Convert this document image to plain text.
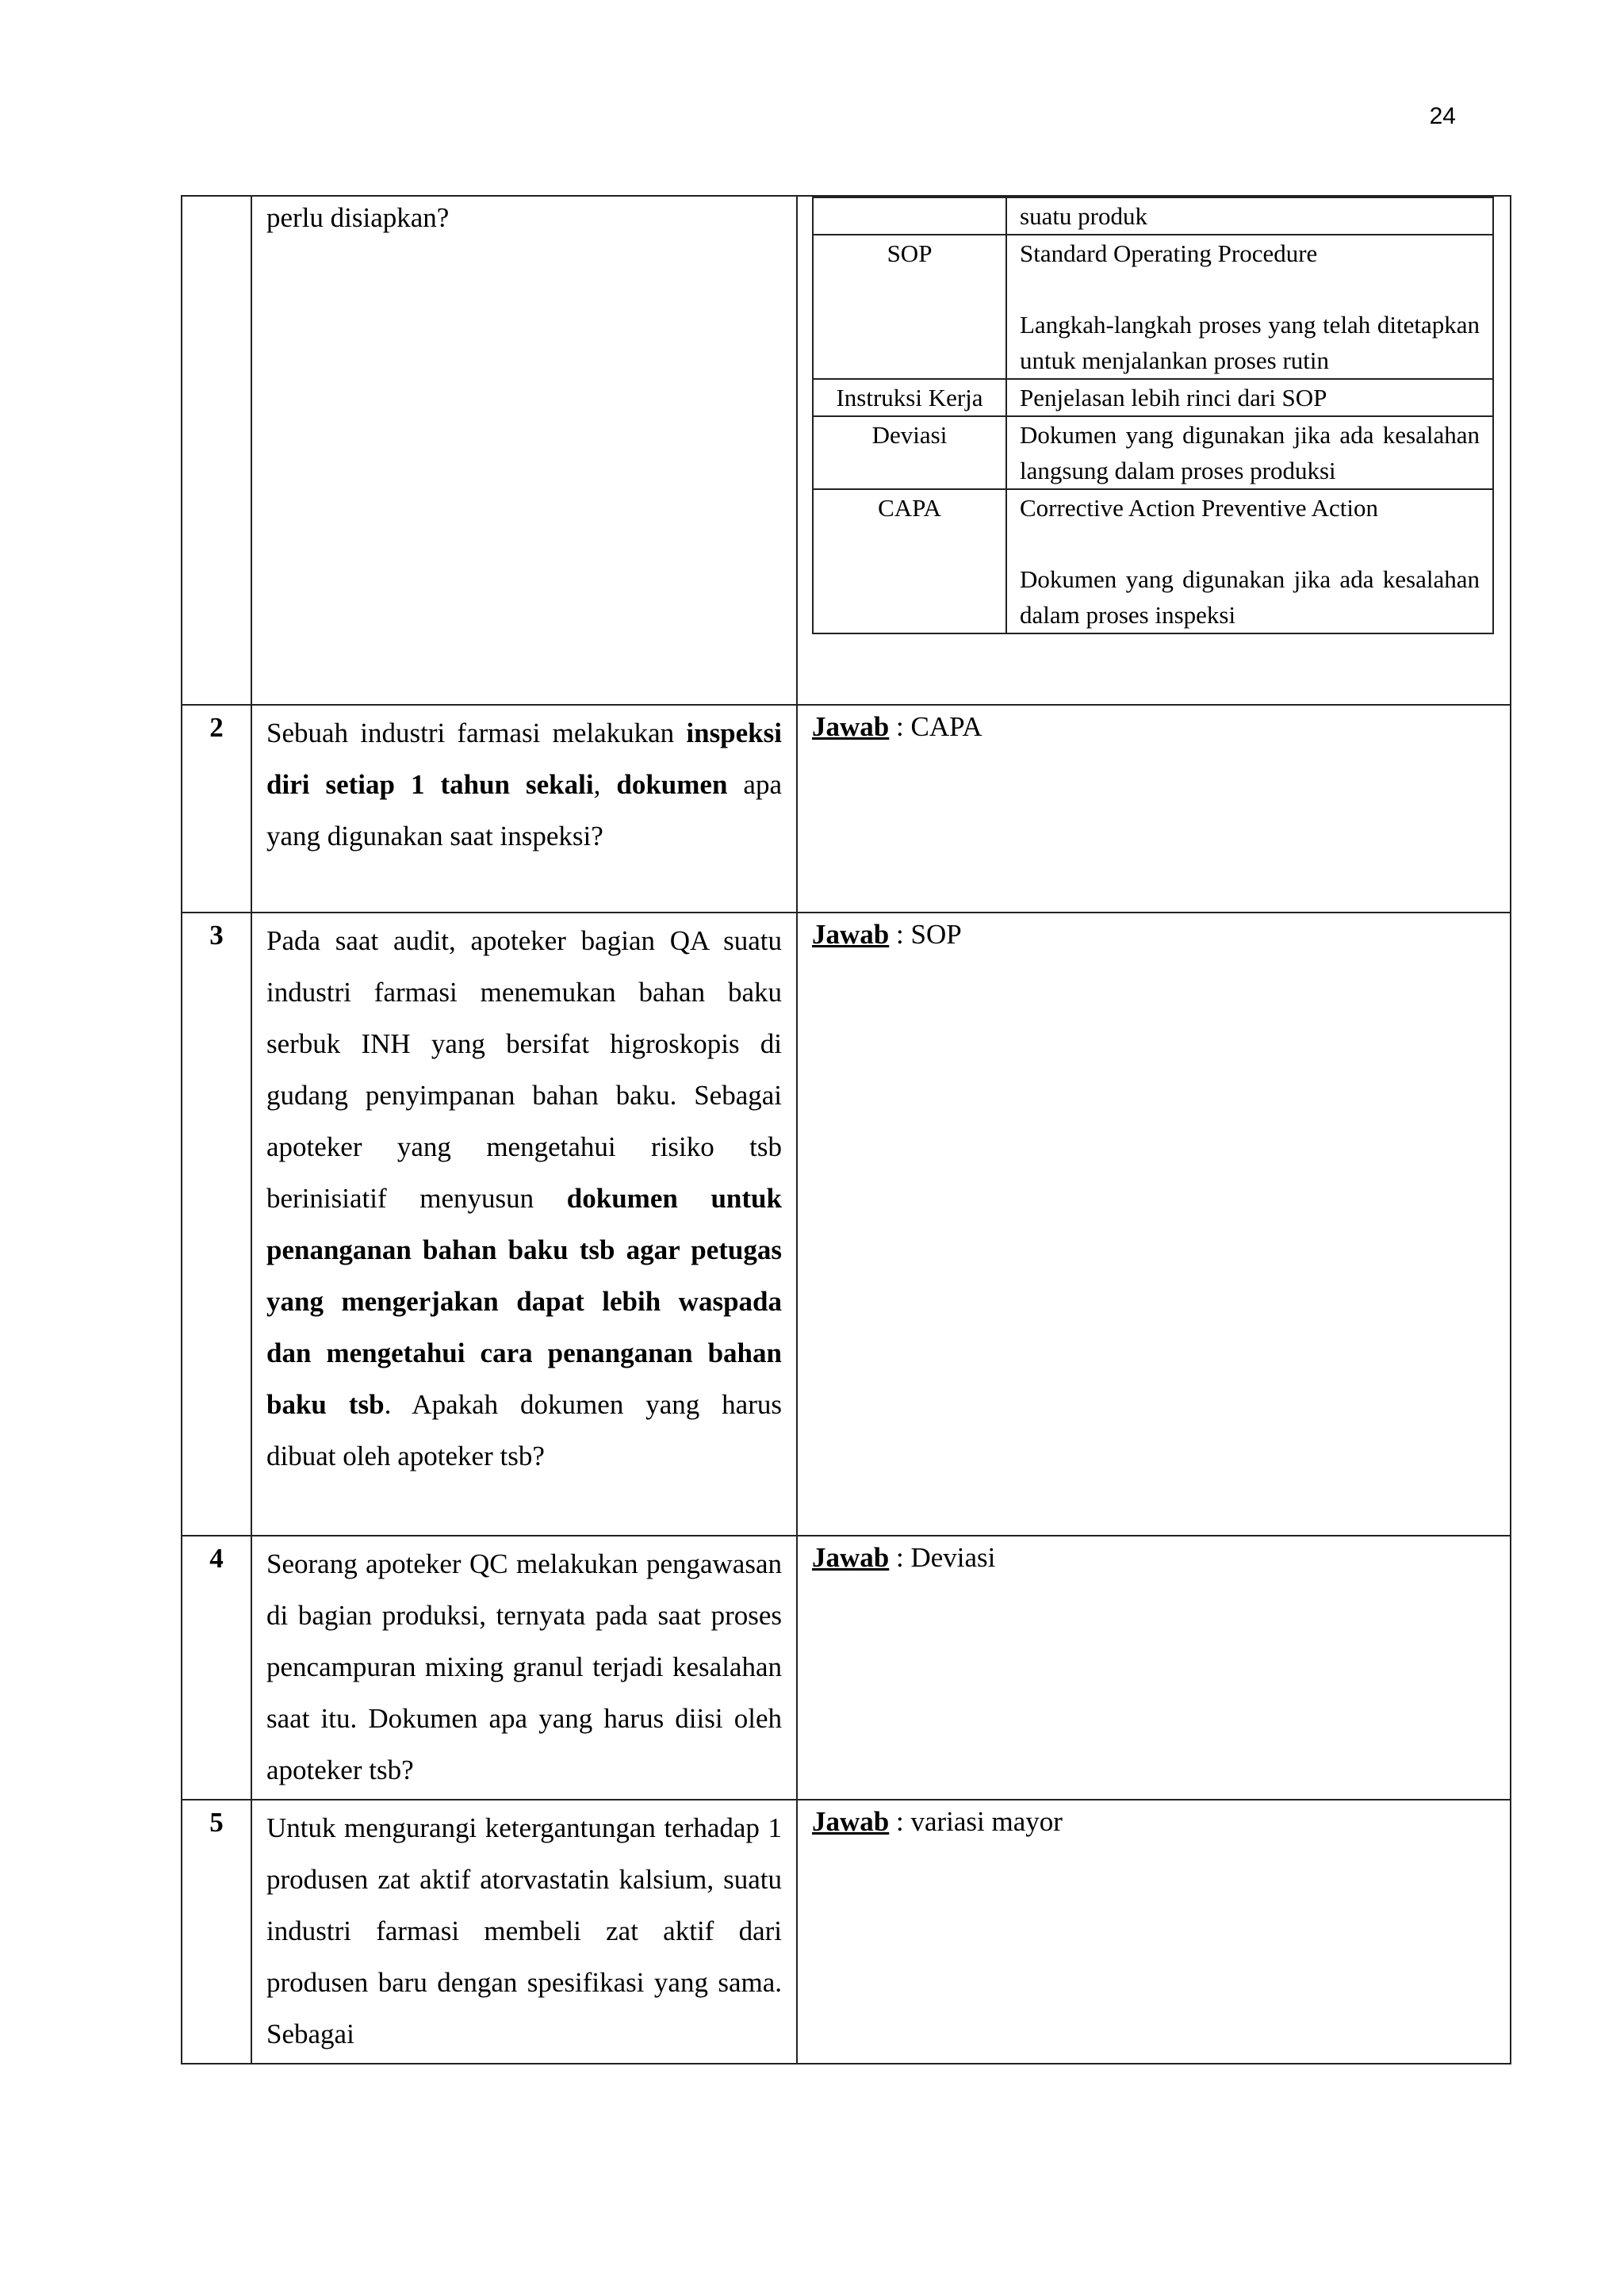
24
	perlu disiapkan?	
		suatu produk
SOP	Standard Operating Procedure
Langkah-langkah proses yang telah ditetapkan untuk menjalankan proses rutin

Instruksi Kerja	Penjelasan lebih rinci dari SOP

Deviasi	Dokumen yang digunakan jika ada kesalahan langsung dalam proses produksi

CAPA	Corrective Action Preventive Action
Dokumen yang digunakan jika ada kesalahan dalam proses inspeksi

2	Sebuah industri farmasi melakukan inspeksi diri setiap 1 tahun sekali, dokumen apa yang digunakan saat inspeksi?	Jawab : CAPA
3	Pada saat audit, apoteker bagian QA suatu industri farmasi menemukan bahan baku serbuk INH yang bersifat higroskopis di gudang penyimpanan bahan baku. Sebagai apoteker yang mengetahui risiko tsb berinisiatif menyusun dokumen untuk penanganan bahan baku tsb agar petugas yang mengerjakan dapat lebih waspada dan mengetahui cara penanganan bahan baku tsb. Apakah dokumen yang harus dibuat oleh apoteker tsb?	Jawab : SOP
4	Seorang apoteker QC melakukan pengawasan di bagian produksi, ternyata pada saat proses pencampuran mixing granul terjadi kesalahan saat itu. Dokumen apa yang harus diisi oleh apoteker tsb?	Jawab : Deviasi
5	Untuk mengurangi ketergantungan terhadap 1 produsen zat aktif atorvastatin kalsium, suatu industri farmasi membeli zat aktif dari produsen baru dengan spesifikasi yang sama. Sebagai	Jawab : variasi mayor
